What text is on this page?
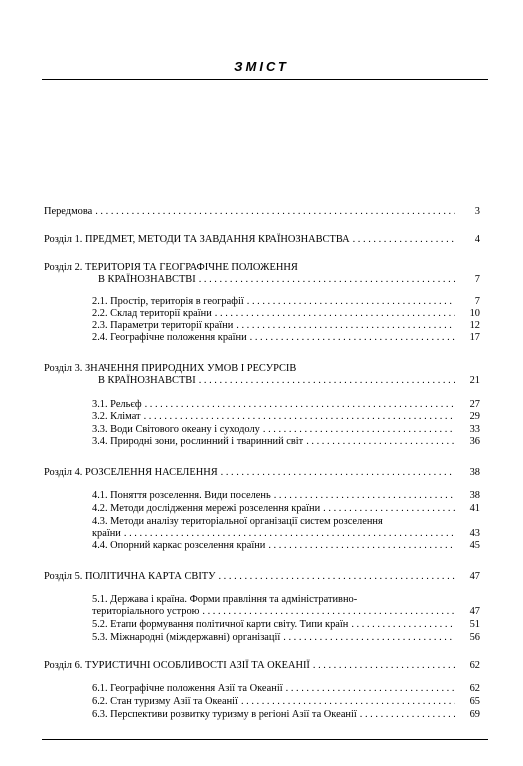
ЗМІСТ
Передмова . . .	3
Розділ 1. ПРЕДМЕТ, МЕТОДИ ТА ЗАВДАННЯ КРАЇНОЗНАВСТВА . . .	4
Розділ 2. ТЕРИТОРІЯ ТА ГЕОГРАФІЧНЕ ПОЛОЖЕННЯ
В КРАЇНОЗНАВСТВІ . . .	7
2.1. Простір, територія в географії . . .	7
2.2. Склад території країни . . .	10
2.3. Параметри території країни . . .	12
2.4. Географічне положення країни . . .	17
Розділ 3. ЗНАЧЕННЯ ПРИРОДНИХ УМОВ І РЕСУРСІВ
В КРАЇНОЗНАВСТВІ . . .	21
3.1. Рельєф . . .	27
3.2. Клімат . . .	29
3.3. Води Світового океану і суходолу . . .	33
3.4. Природні зони, рослинний і тваринний світ . . .	36
Розділ 4. РОЗСЕЛЕННЯ НАСЕЛЕННЯ . . .	38
4.1. Поняття розселення. Види поселень . . .	38
4.2. Методи дослідження мережі розселення країни . . .	41
4.3. Методи аналізу територіальної організації систем розселення
країни . . .	43
4.4. Опорний каркас розселення країни . . .	45
Розділ 5. ПОЛІТИЧНА КАРТА СВІТУ . . .	47
5.1. Держава і країна. Форми правління та адміністративно-
територіального устрою . . .	47
5.2. Етапи формування політичної карти світу. Типи країн . . .	51
5.3. Міжнародні (міждержавні) організації . . .	56
Розділ 6. ТУРИСТИЧНІ ОСОБЛИВОСТІ АЗІЇ ТА ОКЕАНІЇ . . .	62
6.1. Географічне положення Азії та Океанії . . .	62
6.2. Стан туризму Азії та Океанії . . .	65
6.3. Перспективи розвитку туризму в регіоні Азії та Океанії . . .	69
